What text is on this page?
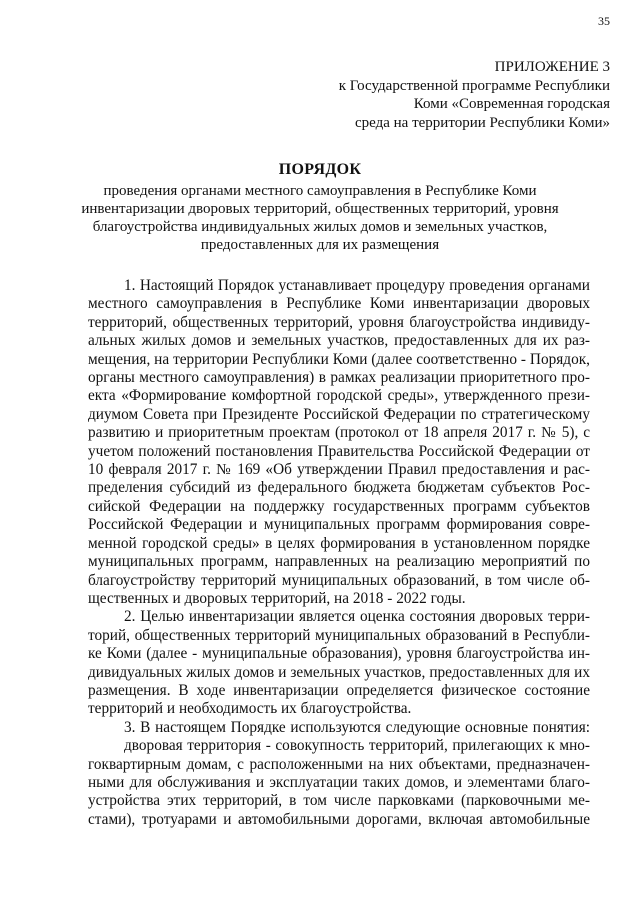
35
ПРИЛОЖЕНИЕ 3
к Государственной программе Республики
Коми «Современная городская
среда на территории Республики Коми»
ПОРЯДОК
проведения органами местного самоуправления в Республике Коми
инвентаризации дворовых территорий, общественных территорий, уровня
благоустройства индивидуальных жилых домов и земельных участков,
предоставленных для их размещения
1. Настоящий Порядок устанавливает процедуру проведения органами
местного самоуправления в Республике Коми инвентаризации дворовых
территорий, общественных территорий, уровня благоустройства индивиду-
альных жилых домов и земельных участков, предоставленных для их раз-
мещения, на территории Республики Коми (далее соответственно - Порядок,
органы местного самоуправления) в рамках реализации приоритетного про-
екта «Формирование комфортной городской среды», утвержденного прези-
диумом Совета при Президенте Российской Федерации по стратегическому
развитию и приоритетным проектам (протокол от 18 апреля 2017 г. № 5), с
учетом положений постановления Правительства Российской Федерации от
10 февраля 2017 г. № 169 «Об утверждении Правил предоставления и рас-
пределения субсидий из федерального бюджета бюджетам субъектов Рос-
сийской Федерации на поддержку государственных программ субъектов
Российской Федерации и муниципальных программ формирования совре-
менной городской среды» в целях формирования в установленном порядке
муниципальных программ, направленных на реализацию мероприятий по
благоустройству территорий муниципальных образований, в том числе об-
щественных и дворовых территорий, на 2018 - 2022 годы.
2. Целью инвентаризации является оценка состояния дворовых терри-
торий, общественных территорий муниципальных образований в Республи-
ке Коми (далее - муниципальные образования), уровня благоустройства ин-
дивидуальных жилых домов и земельных участков, предоставленных для их
размещения. В ходе инвентаризации определяется физическое состояние
территорий и необходимость их благоустройства.
3. В настоящем Порядке используются следующие основные понятия:
дворовая территория - совокупность территорий, прилегающих к мно-
гоквартирным домам, с расположенными на них объектами, предназначен-
ными для обслуживания и эксплуатации таких домов, и элементами благо-
устройства этих территорий, в том числе парковками (парковочными ме-
стами), тротуарами и автомобильными дорогами, включая автомобильные
